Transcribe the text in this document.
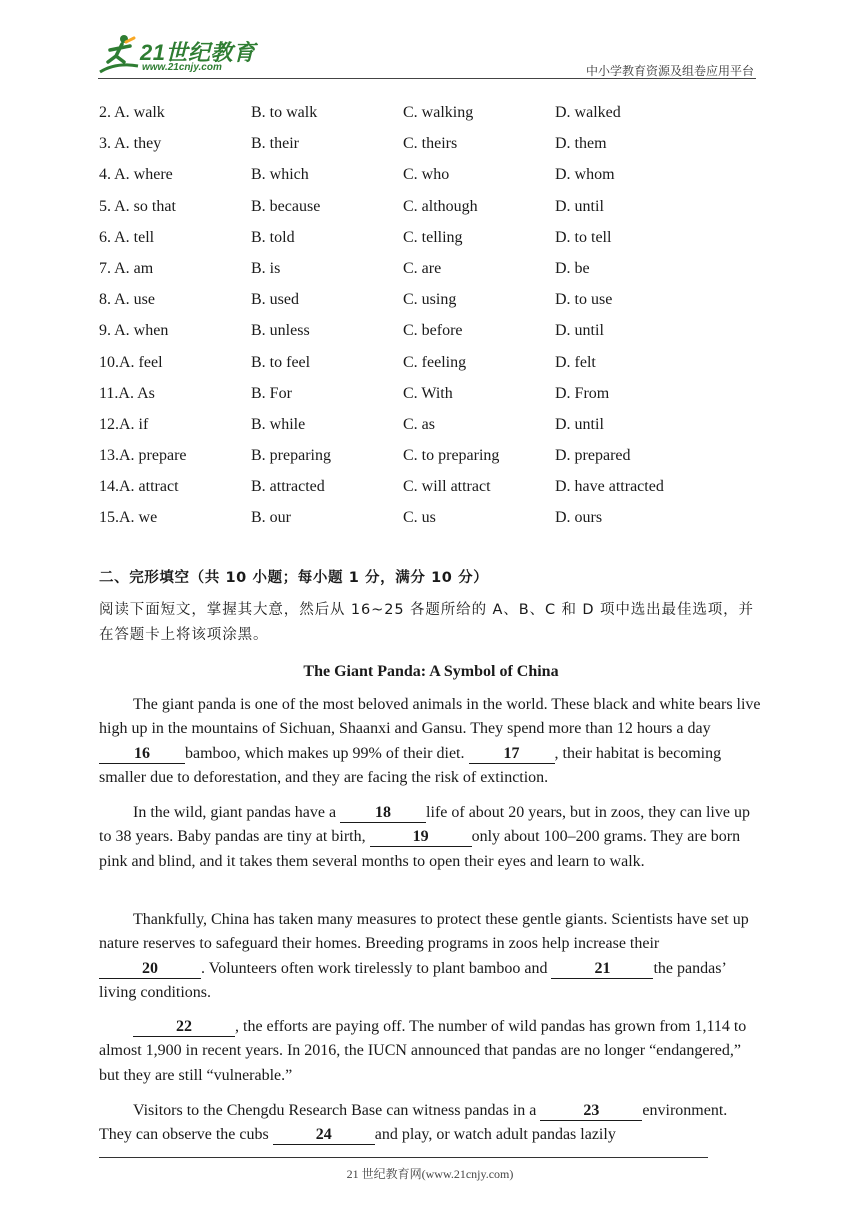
21世纪教育
www.21cnjy.com	中小学教育资源及组卷应用平台
2. A. walk	B. to walk	C. walking	D. walked
3. A. they	B. their	C. theirs	D. them
4. A. where	B. which	C. who	D. whom
5. A. so that	B. because	C. although	D. until
6. A. tell	B. told	C. telling	D. to tell
7. A. am	B. is	C. are	D. be
8. A. use	B. used	C. using	D. to use
9. A. when	B. unless	C. before	D. until
10.A. feel	B. to feel	C. feeling	D. felt
11.A. As	B. For	C. With	D. From
12.A. if	B. while	C. as	D. until
13.A. prepare	B. preparing	C. to preparing	D. prepared
14.A. attract	B. attracted	C. will attract	D. have attracted
15.A. we	B. our	C. us	D. ours
二、完形填空（共 10 小题；每小题 1 分，满分 10 分）
阅读下面短文，掌握其大意，然后从 16~25 各题所给的 A、B、C 和 D 项中选出最佳选项，并在答题卡上将该项涂黑。
The Giant Panda: A Symbol of China
The giant panda is one of the most beloved animals in the world. These black and white bears live high up in the mountains of Sichuan, Shaanxi and Gansu. They spend more than 12 hours a day 16 bamboo, which makes up 99% of their diet. 17 , their habitat is becoming smaller due to deforestation, and they are facing the risk of extinction.
In the wild, giant pandas have a 18 life of about 20 years, but in zoos, they can live up to 38 years. Baby pandas are tiny at birth,	19	only about 100–200 grams. They are born pink and blind, and it takes them several months to open their eyes and learn to walk.
Thankfully, China has taken many measures to protect these gentle giants. Scientists have set up nature reserves to safeguard their homes. Breeding programs in zoos help increase their 20	. Volunteers often work tirelessly to plant bamboo and	21	the pandas’ living conditions.
22	, the efforts are paying off. The number of wild pandas has grown from 1,114 to almost 1,900 in recent years. In 2016, the IUCN announced that pandas are no longer “endangered,” but they are still “vulnerable.”
Visitors to the Chengdu Research Base can witness pandas in a	23	environment. They can observe the cubs	24	and play, or watch adult pandas lazily
21 世纪教育网(www.21cnjy.com)
